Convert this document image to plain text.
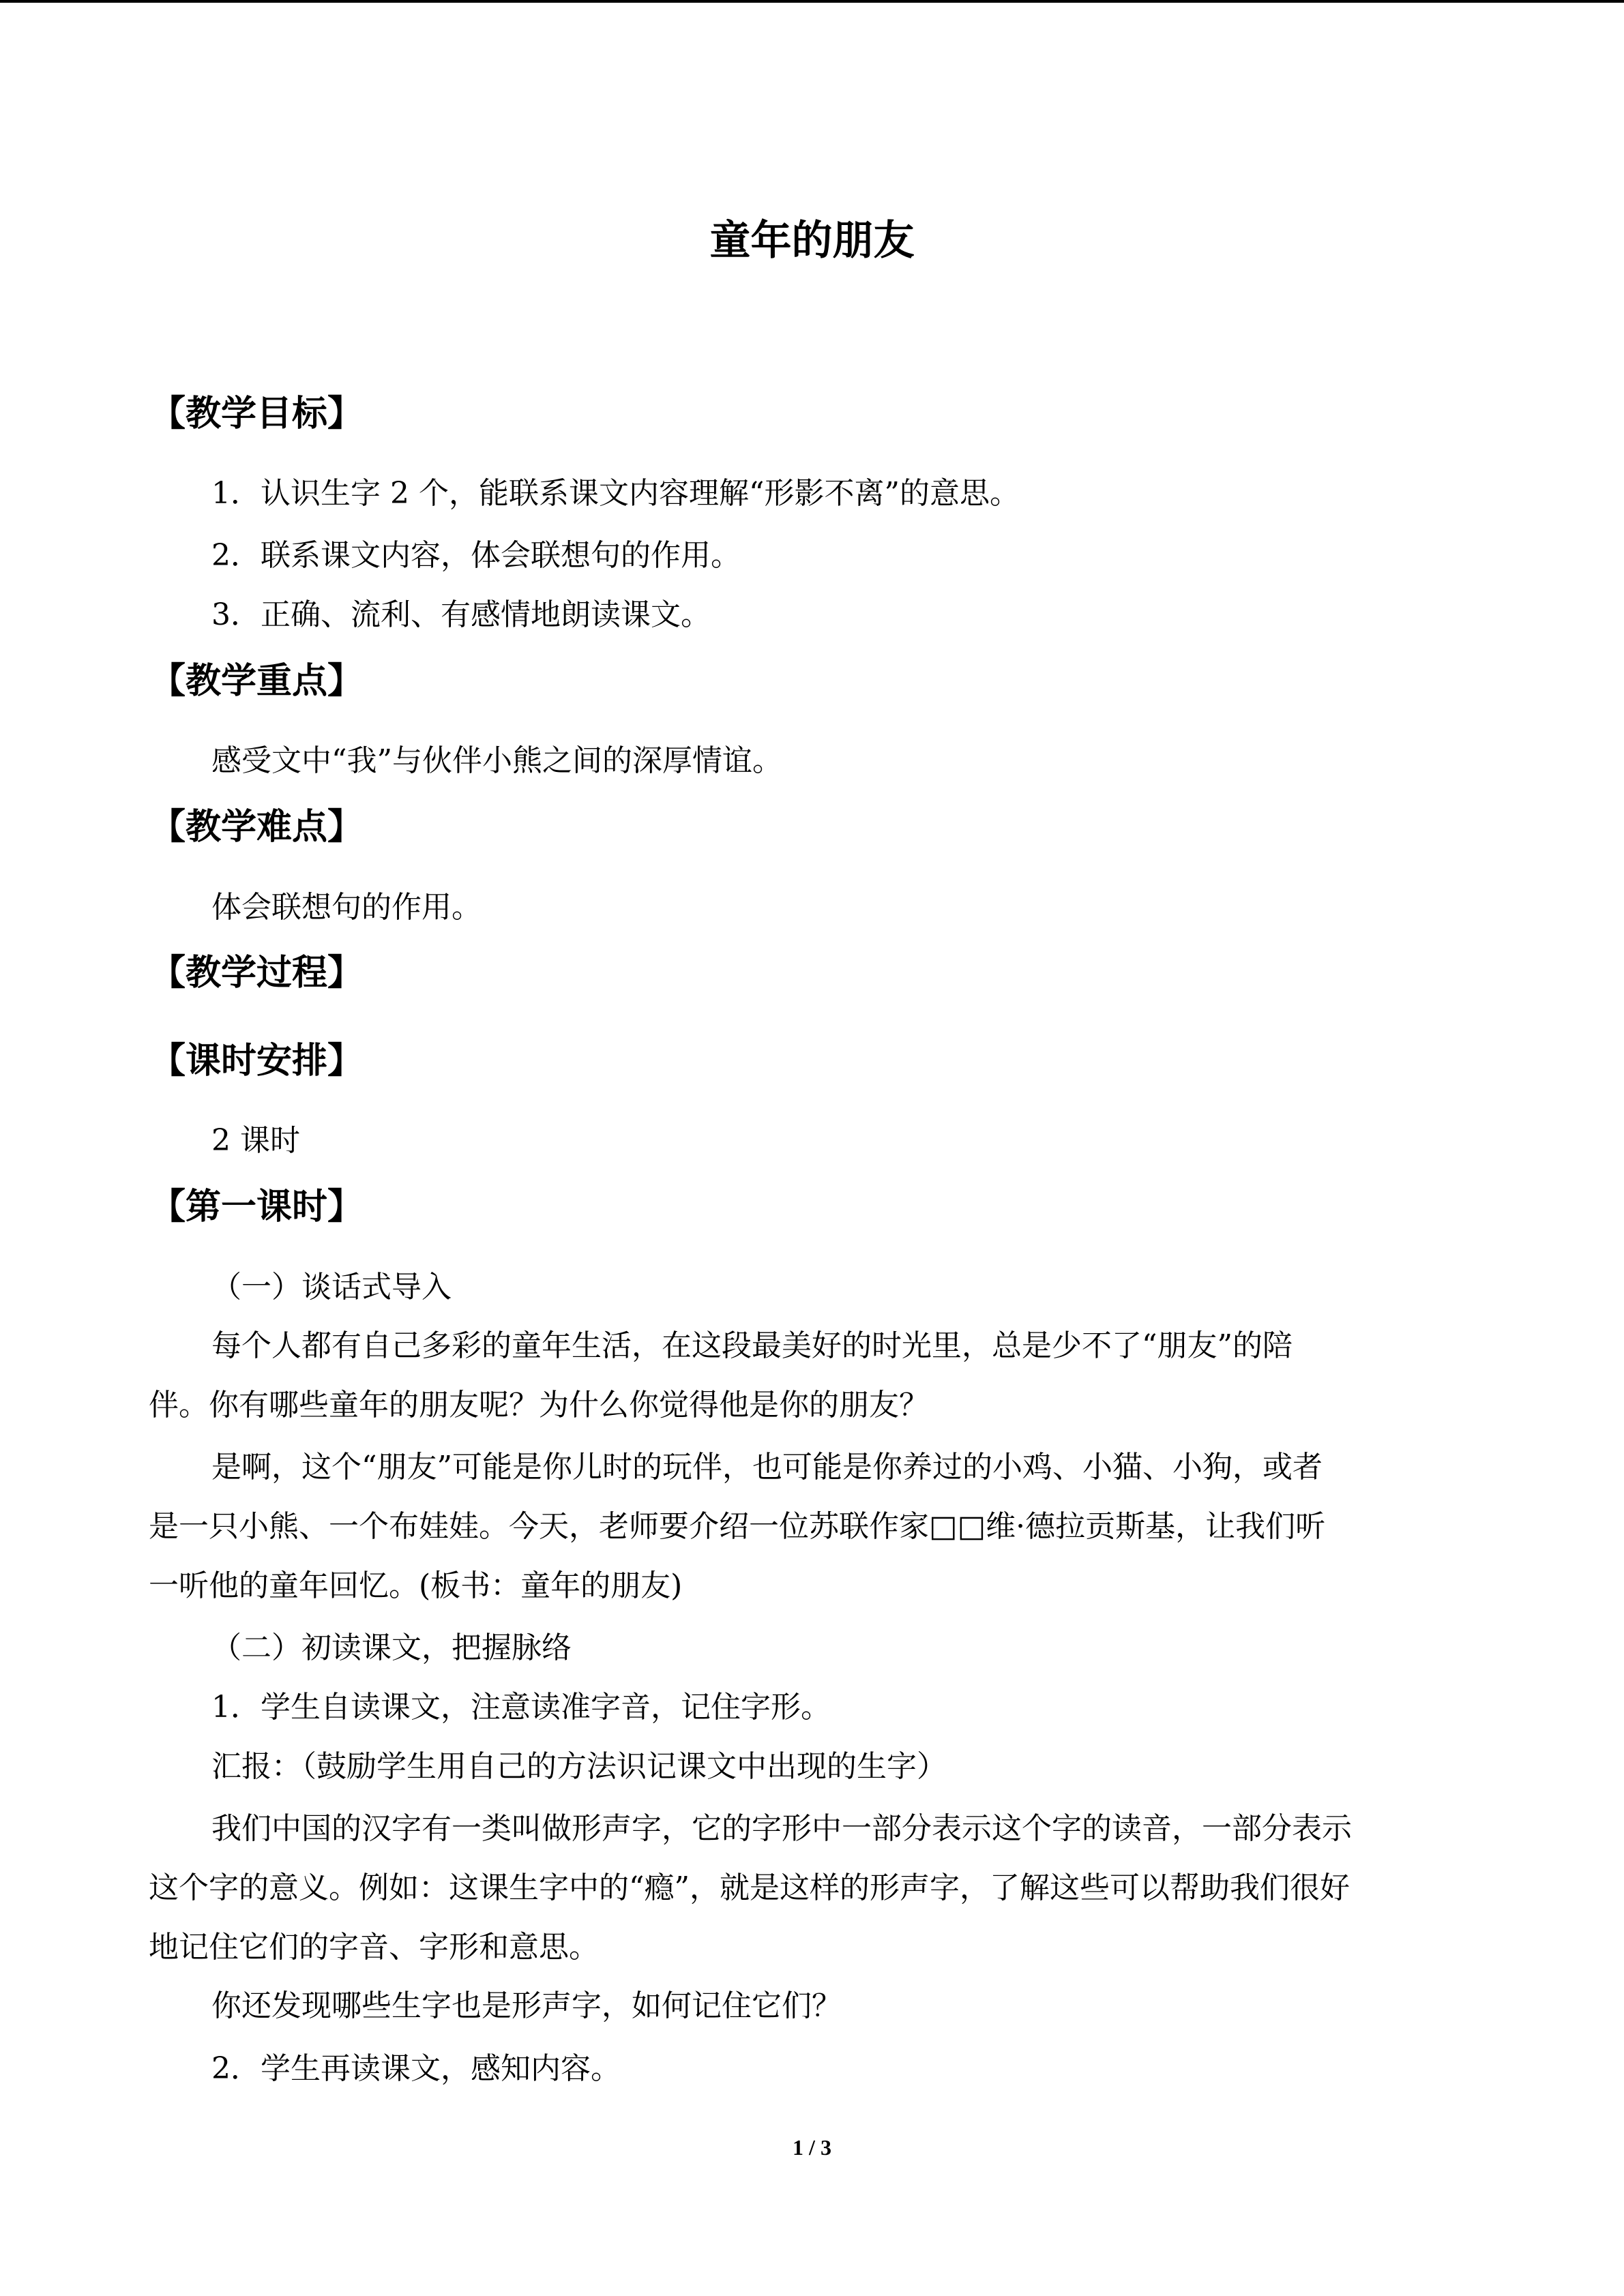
童年的朋友
【教学目标】

1．认识生字 2 个，能联系课文内容理解“形影不离”的意思。

2．联系课文内容，体会联想句的作用。

3．正确、流利、有感情地朗读课文。

【教学重点】

感受文中“我”与伙伴小熊之间的深厚情谊。

【教学难点】

体会联想句的作用。

【教学过程】
【课时安排】

2 课时

【第一课时】

（一）谈话式导入

每个人都有自己多彩的童年生活，在这段最美好的时光里，总是少不了“朋友”的陪

伴。你有哪些童年的朋友呢？为什么你觉得他是你的朋友？

是啊，这个“朋友”可能是你儿时的玩伴，也可能是你养过的小鸡、小猫、小狗，或者

是一只小熊、一个布娃娃。今天，老师要介绍一位苏联作家□□维·德拉贡斯基，让我们听

一听他的童年回忆。(板书：童年的朋友)

（二）初读课文，把握脉络

1．学生自读课文，注意读准字音，记住字形。

汇报：（鼓励学生用自己的方法识记课文中出现的生字）

我们中国的汉字有一类叫做形声字，它的字形中一部分表示这个字的读音，一部分表示

这个字的意义。例如：这课生字中的“瘾”，就是这样的形声字，了解这些可以帮助我们很好

地记住它们的字音、字形和意思。

你还发现哪些生字也是形声字，如何记住它们？

2．学生再读课文，感知内容。

1 / 3
